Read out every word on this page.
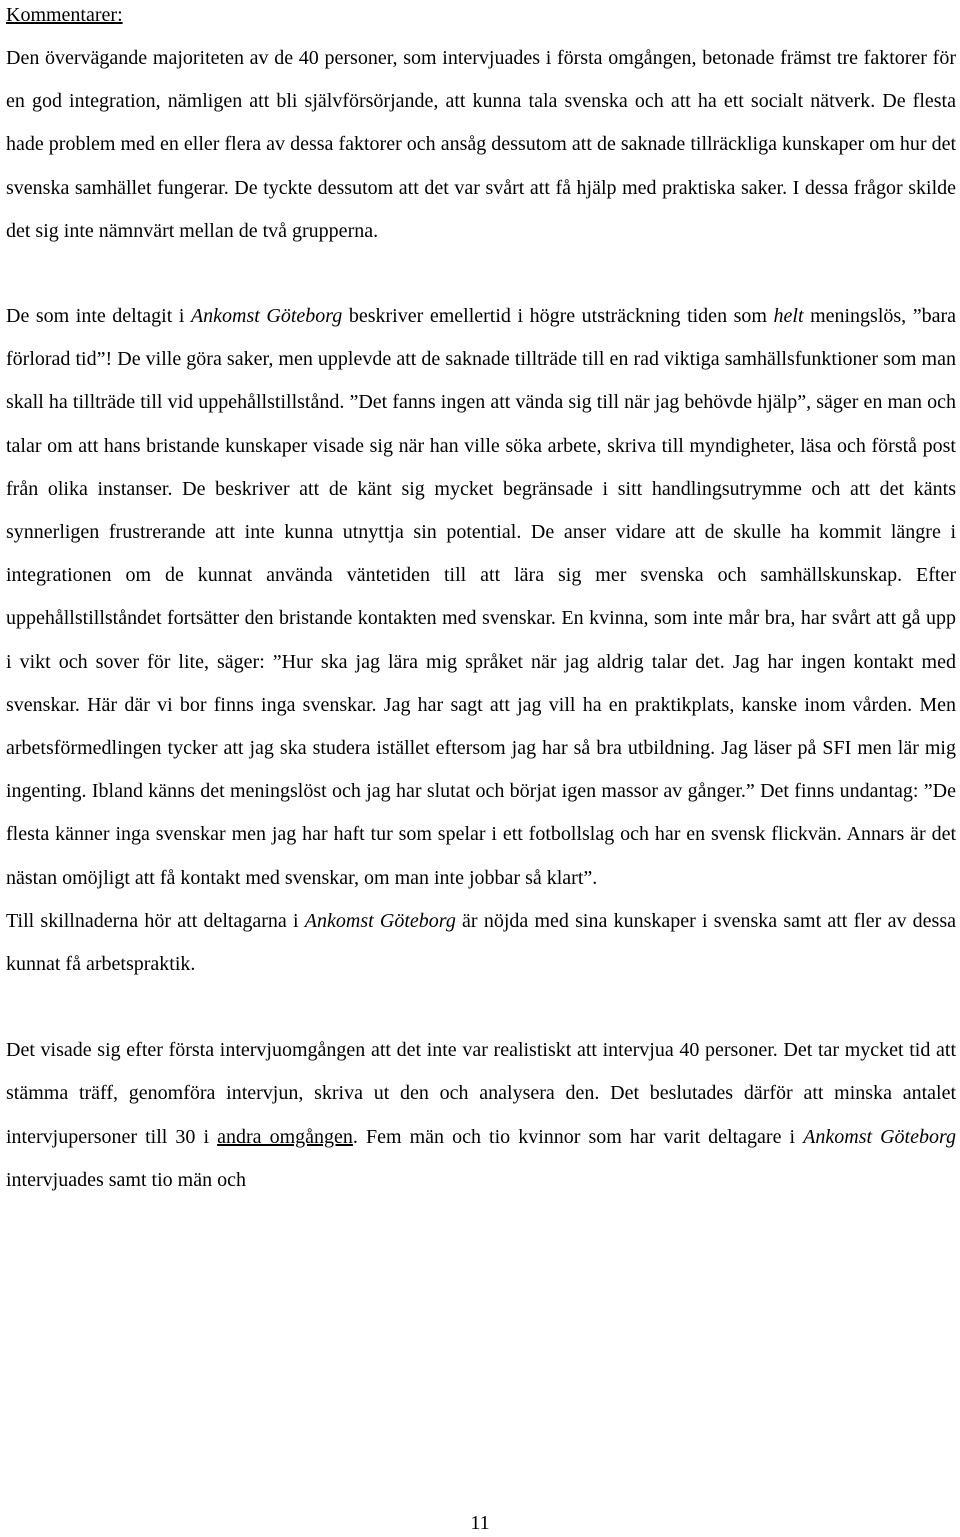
Kommentarer:

Den övervägande majoriteten av de 40 personer, som intervjuades i första omgången, betonade främst tre faktorer för en god integration, nämligen att bli självförsörjande, att kunna tala svenska och att ha ett socialt nätverk. De flesta hade problem med en eller flera av dessa faktorer och ansåg dessutom att de saknade tillräckliga kunskaper om hur det svenska samhället fungerar. De tyckte dessutom att det var svårt att få hjälp med praktiska saker. I dessa frågor skilde det sig inte nämnvärt mellan de två grupperna.

De som inte deltagit i Ankomst Göteborg beskriver emellertid i högre utsträckning tiden som helt meningslös, ”bara förlorad tid”! De ville göra saker, men upplevde att de saknade tillträde till en rad viktiga samhällsfunktioner som man skall ha tillträde till vid uppehållstillstånd. ”Det fanns ingen att vända sig till när jag behövde hjälp”, säger en man och talar om att hans bristande kunskaper visade sig när han ville söka arbete, skriva till myndigheter, läsa och förstå post från olika instanser. De beskriver att de känt sig mycket begränsade i sitt handlingsutrymme och att det känts synnerligen frustrerande att inte kunna utnyttja sin potential. De anser vidare att de skulle ha kommit längre i integrationen om de kunnat använda väntetiden till att lära sig mer svenska och samhällskunskap. Efter uppehållstillståndet fortsätter den bristande kontakten med svenskar. En kvinna, som inte mår bra, har svårt att gå upp i vikt och sover för lite, säger: ”Hur ska jag lära mig språket när jag aldrig talar det. Jag har ingen kontakt med svenskar. Här där vi bor finns inga svenskar. Jag har sagt att jag vill ha en praktikplats, kanske inom vården. Men arbetsförmedlingen tycker att jag ska studera istället eftersom jag har så bra utbildning. Jag läser på SFI men lär mig ingenting. Ibland känns det meningslöst och jag har slutat och börjat igen massor av gånger.” Det finns undantag: ”De flesta känner inga svenskar men jag har haft tur som spelar i ett fotbollslag och har en svensk flickvän. Annars är det nästan omöjligt att få kontakt med svenskar, om man inte jobbar så klart”.

Till skillnaderna hör att deltagarna i Ankomst Göteborg är nöjda med sina kunskaper i svenska samt att fler av dessa kunnat få arbetspraktik.

Det visade sig efter första intervjuomgången att det inte var realistiskt att intervjua 40 personer. Det tar mycket tid att stämma träff, genomföra intervjun, skriva ut den och analysera den. Det beslutades därför att minska antalet intervjupersoner till 30 i andra omgången. Fem män och tio kvinnor som har varit deltagare i Ankomst Göteborg intervjuades samt tio män och

11
